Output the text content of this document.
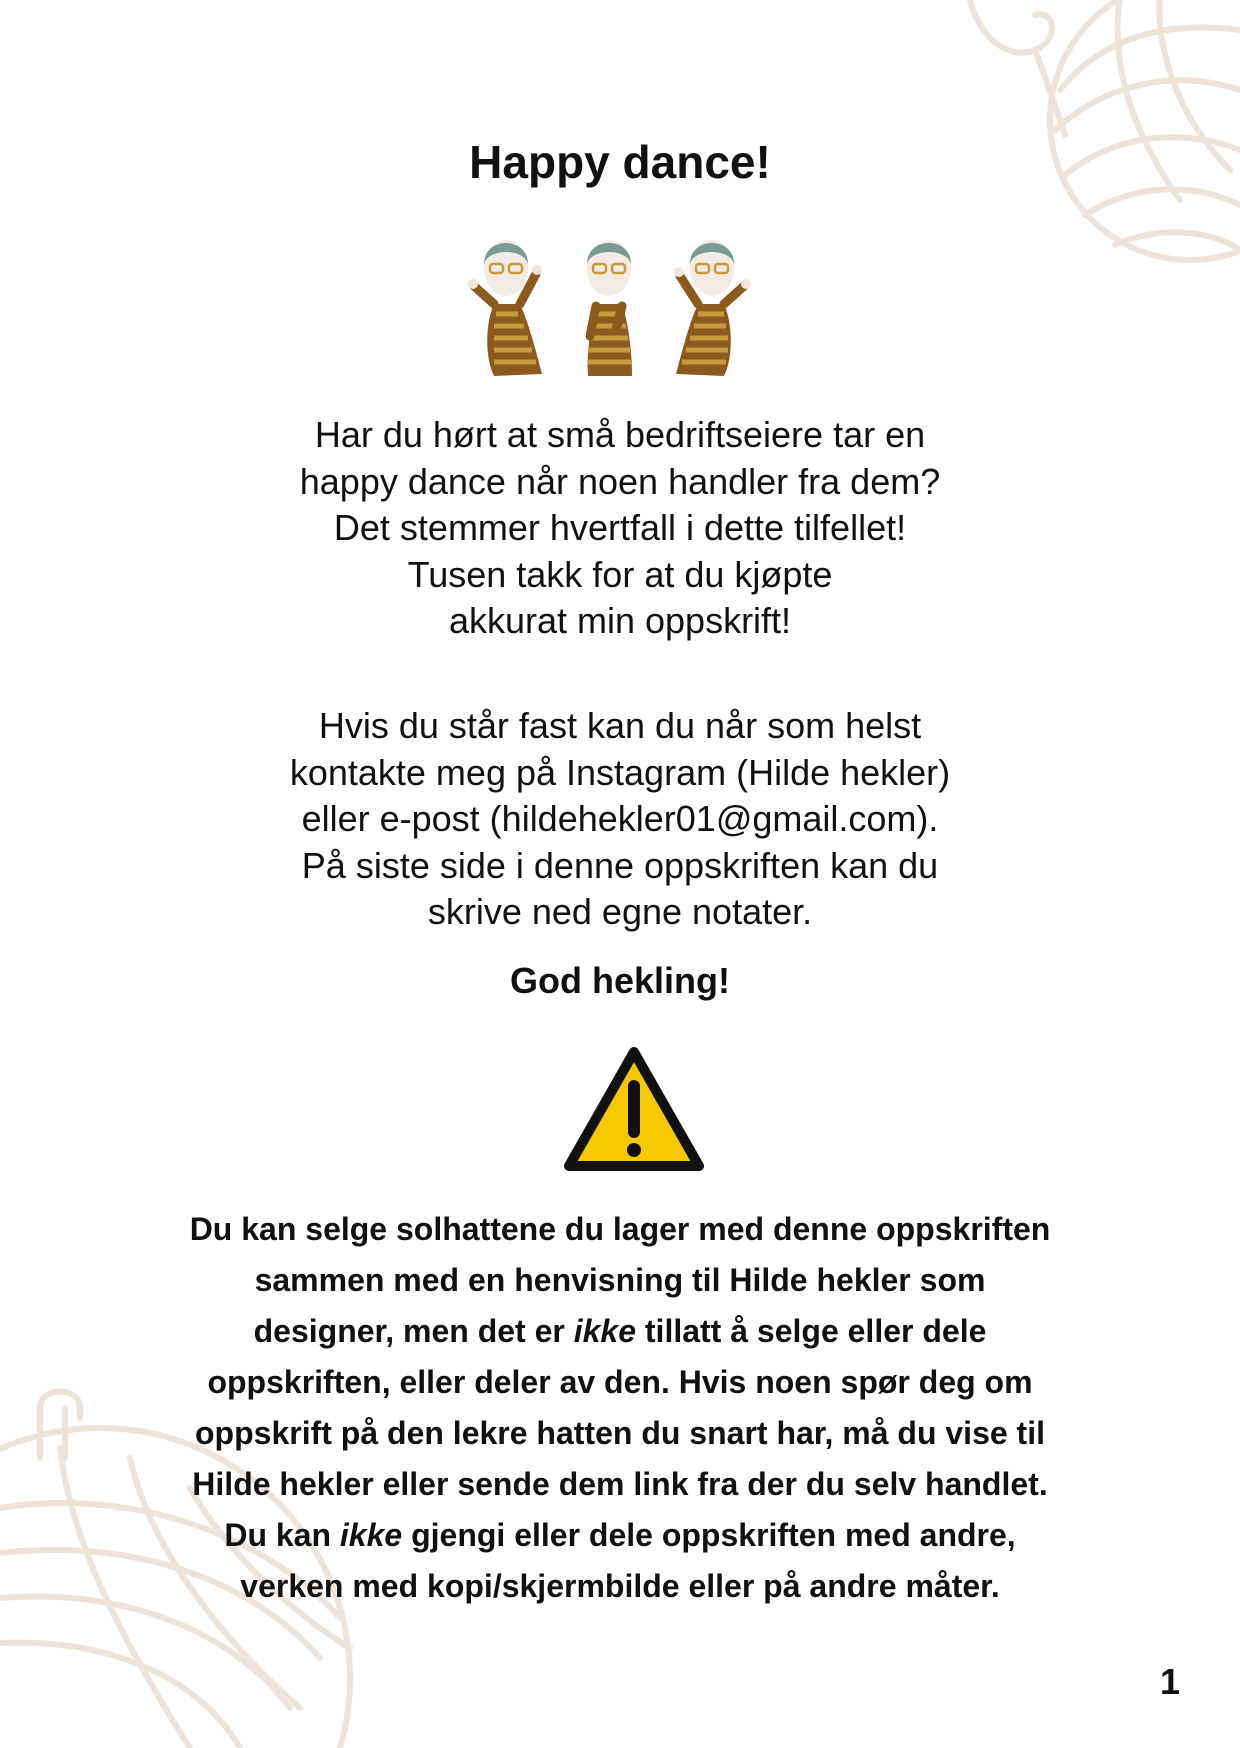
Happy dance!
Har du hørt at små bedriftseiere tar en
happy dance når noen handler fra dem?
Det stemmer hvertfall i dette tilfellet!
Tusen takk for at du kjøpte
akkurat min oppskrift!
Hvis du står fast kan du når som helst
kontakte meg på Instagram (Hilde hekler)
eller e-post (hildehekler01@gmail.com).
På siste side i denne oppskriften kan du
skrive ned egne notater.
God hekling!
Du kan selge solhattene du lager med denne oppskriften sammen med en henvisning til Hilde hekler som designer, men det er ikke tillatt å selge eller dele oppskriften, eller deler av den. Hvis noen spør deg om oppskrift på den lekre hatten du snart har, må du vise til Hilde hekler eller sende dem link fra der du selv handlet. Du kan ikke gjengi eller dele oppskriften med andre, verken med kopi/skjermbilde eller på andre måter.
1
